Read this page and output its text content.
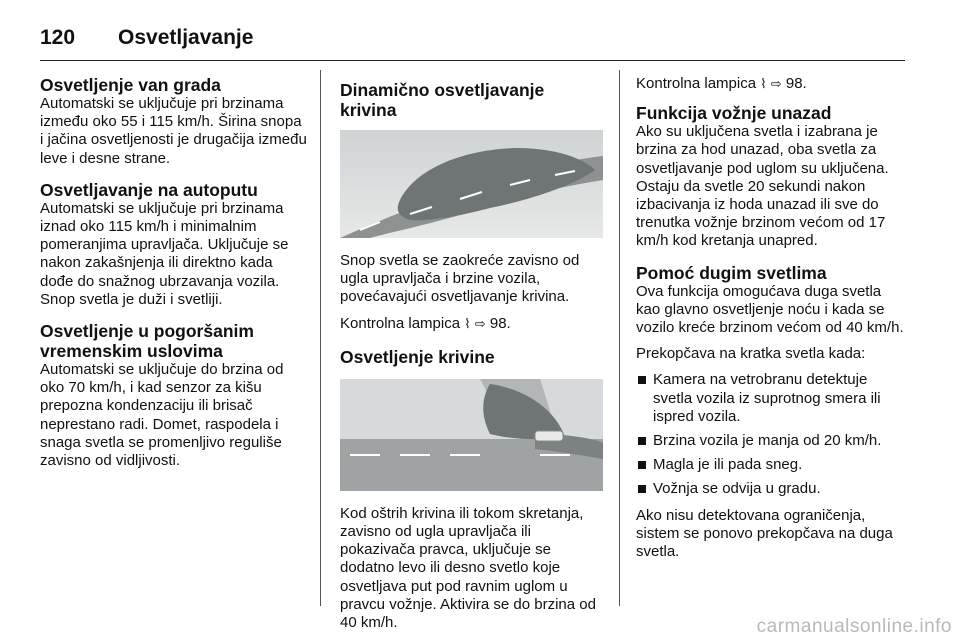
120	Osvetljavanje
Osvetljenje van grada

Automatski se uključuje pri brzinama između oko 55 i 115 km/h. Širina snopa i jačina osvetljenosti je drugačija između leve i desne strane.

Osvetljavanje na autoputu

Automatski se uključuje pri brzinama iznad oko 115 km/h i minimalnim pomeranjima upravljača. Uključuje se nakon zakašnjenja ili direktno kada dođe do snažnog ubrzavanja vozila. Snop svetla je duži i svetliji.

Osvetljenje u pogoršanim vremenskim uslovima

Automatski se uključuje do brzina od oko 70 km/h, i kad senzor za kišu prepozna kondenzaciju ili brisač neprestano radi. Domet, raspodela i snaga svetla se promenljivo reguliše zavisno od vidljivosti.

Dinamično osvetljavanje krivina

Snop svetla se zaokreće zavisno od ugla upravljača i brzine vozila, povećavajući osvetljavanje krivina.

Kontrolna lampica ⌇ ⇨ 98.

Osvetljenje krivine

Kod oštrih krivina ili tokom skretanja, zavisno od ugla upravljača ili pokazivača pravca, uključuje se dodatno levo ili desno svetlo koje osvetljava put pod ravnim uglom u pravcu vožnje. Aktivira se do brzina od 40 km/h.

Kontrolna lampica ⌇ ⇨ 98.

Funkcija vožnje unazad

Ako su uključena svetla i izabrana je brzina za hod unazad, oba svetla za osvetljavanje pod uglom su uključena. Ostaju da svetle 20 sekundi nakon izbacivanja iz hoda unazad ili sve do trenutka vožnje brzinom većom od 17 km/h kod kretanja unapred.

Pomoć dugim svetlima

Ova funkcija omogućava duga svetla kao glavno osvetljenje noću i kada se vozilo kreće brzinom većom od 40 km/h.

Prekopčava na kratka svetla kada:

Kamera na vetrobranu detektuje svetla vozila iz suprotnog smera ili ispred vozila.
Brzina vozila je manja od 20 km/h.
Magla je ili pada sneg.
Vožnja se odvija u gradu.

Ako nisu detektovana ograničenja, sistem se ponovo prekopčava na duga svetla.

carmanualsonline.info
